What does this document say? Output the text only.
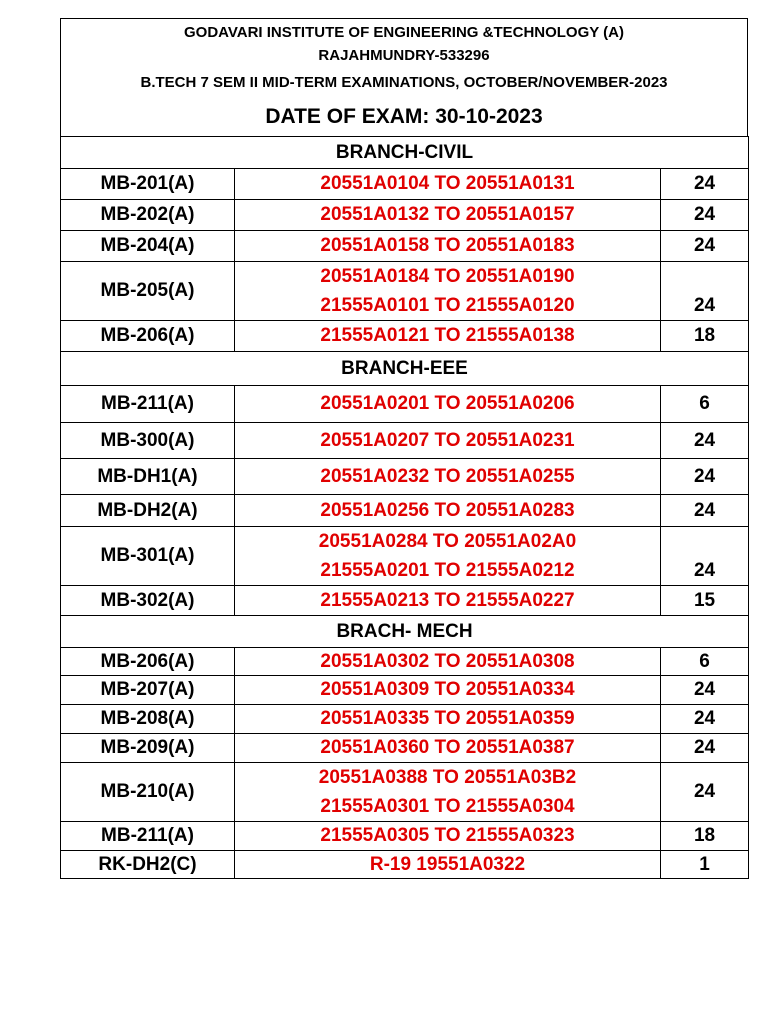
GODAVARI INSTITUTE OF ENGINEERING &TECHNOLOGY (A)
RAJAHMUNDRY-533296
B.TECH 7 SEM II MID-TERM EXAMINATIONS, OCTOBER/NOVEMBER-2023
DATE OF EXAM: 30-10-2023
BRANCH-CIVIL		
MB-201(A)	20551A0104 TO 20551A0131	24
MB-202(A)	20551A0132 TO 20551A0157	24
MB-204(A)	20551A0158 TO 20551A0183	24
MB-205(A)	20551A0184 TO 20551A0190
21555A0101 TO 21555A0120	24
MB-206(A)	21555A0121 TO 21555A0138	18
BRANCH-EEE		
MB-211(A)	20551A0201 TO 20551A0206	6
MB-300(A)	20551A0207 TO 20551A0231	24
MB-DH1(A)	20551A0232 TO 20551A0255	24
MB-DH2(A)	20551A0256 TO 20551A0283	24
MB-301(A)	20551A0284 TO 20551A02A0
21555A0201 TO 21555A0212	24
MB-302(A)	21555A0213 TO 21555A0227	15
BRACH- MECH		
MB-206(A)	20551A0302 TO 20551A0308	6
MB-207(A)	20551A0309 TO 20551A0334	24
MB-208(A)	20551A0335 TO 20551A0359	24
MB-209(A)	20551A0360 TO 20551A0387	24
MB-210(A)	20551A0388 TO 20551A03B2
21555A0301 TO 21555A0304	24
MB-211(A)	21555A0305 TO 21555A0323	18
RK-DH2(C)	R-19 19551A0322	1
